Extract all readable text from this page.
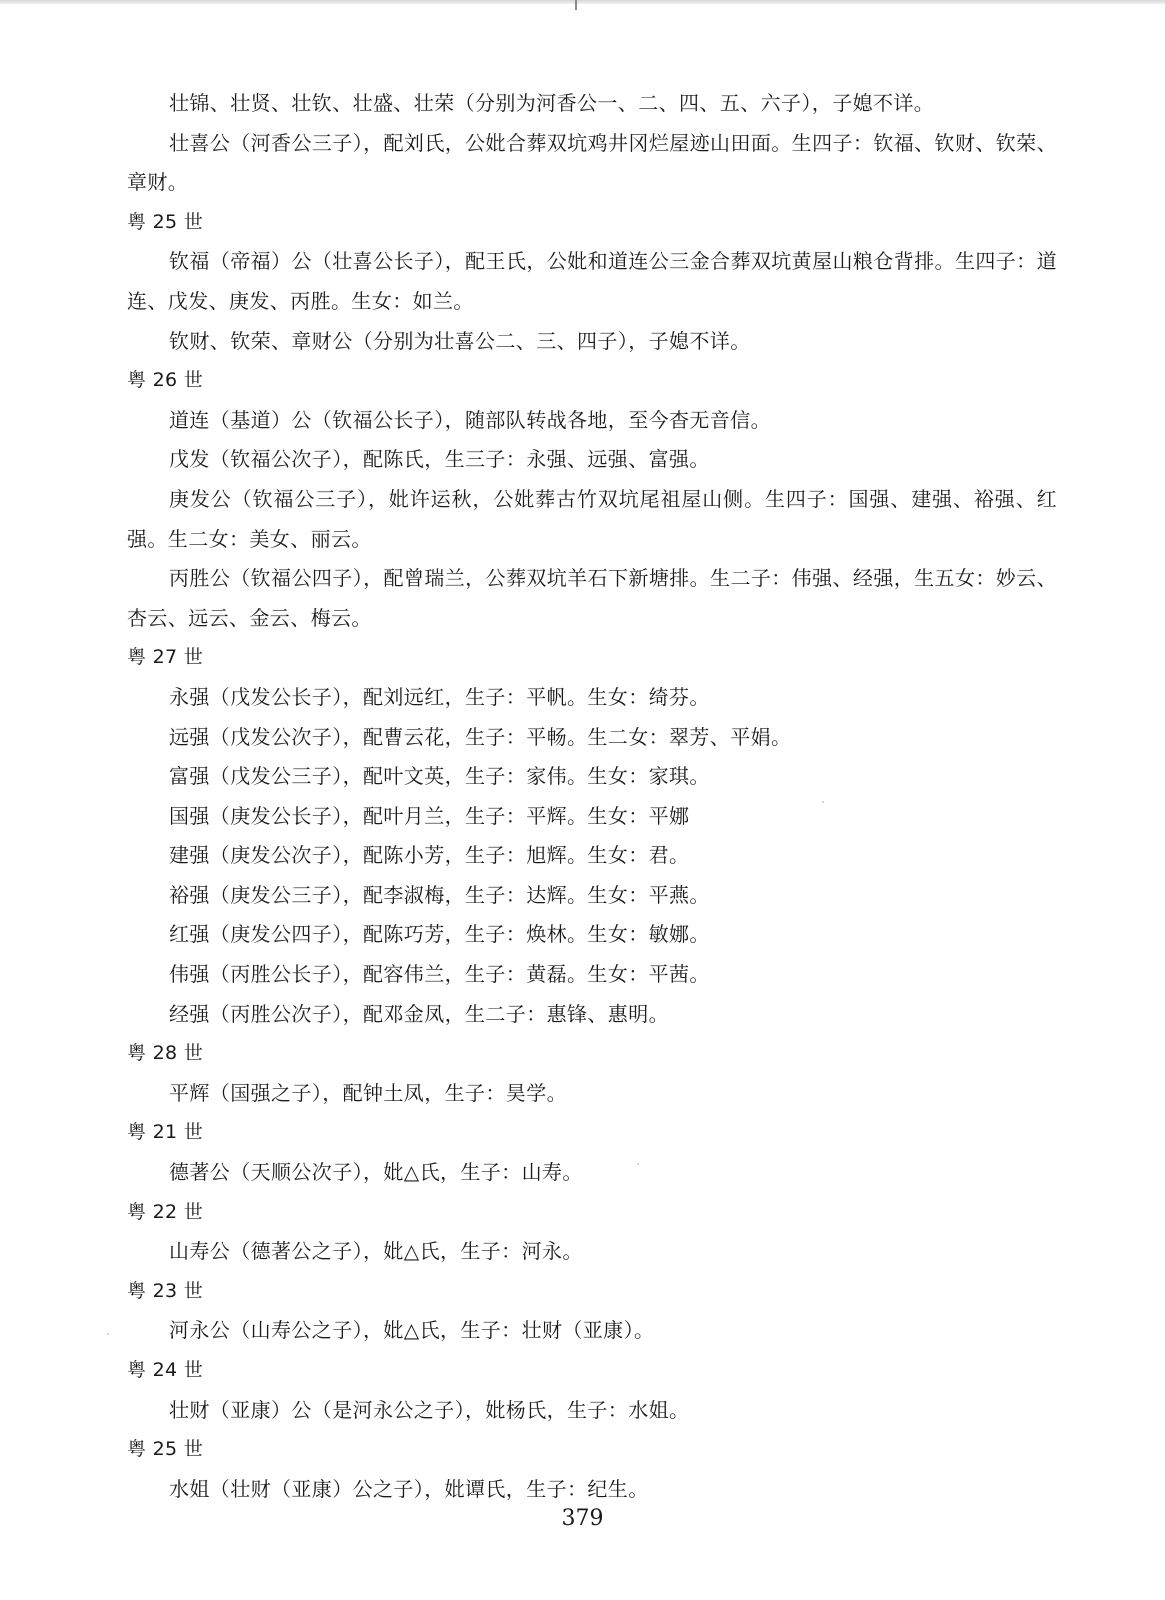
壮锦、壮贤、壮钦、壮盛、壮荣（分别为河香公一、二、四、五、六子），子媳不详。
壮喜公（河香公三子），配刘氏，公妣合葬双坑鸡井冈烂屋迹山田面。生四子：钦福、钦财、钦荣、章财。
粤 25 世
钦福（帝福）公（壮喜公长子），配王氏，公妣和道连公三金合葬双坑黄屋山粮仓背排。生四子：道连、戊发、庚发、丙胜。生女：如兰。
钦财、钦荣、章财公（分别为壮喜公二、三、四子），子媳不详。
粤 26 世
道连（基道）公（钦福公长子），随部队转战各地，至今杳无音信。
戊发（钦福公次子），配陈氏，生三子：永强、远强、富强。
庚发公（钦福公三子），妣许运秋，公妣葬古竹双坑尾祖屋山侧。生四子：国强、建强、裕强、红强。生二女：美女、丽云。
丙胜公（钦福公四子），配曾瑞兰，公葬双坑羊石下新塘排。生二子：伟强、经强，生五女：妙云、杏云、远云、金云、梅云。
粤 27 世
永强（戊发公长子），配刘远红，生子：平帆。生女：绮芬。
远强（戊发公次子），配曹云花，生子：平畅。生二女：翠芳、平娟。
富强（戊发公三子），配叶文英，生子：家伟。生女：家琪。
国强（庚发公长子），配叶月兰，生子：平辉。生女：平娜
建强（庚发公次子），配陈小芳，生子：旭辉。生女：君。
裕强（庚发公三子），配李淑梅，生子：达辉。生女：平燕。
红强（庚发公四子），配陈巧芳，生子：焕林。生女：敏娜。
伟强（丙胜公长子），配容伟兰，生子：黄磊。生女：平茜。
经强（丙胜公次子），配邓金凤，生二子：惠锋、惠明。
粤 28 世
平辉（国强之子），配钟土凤，生子：昊学。
粤 21 世
德著公（天顺公次子），妣△氏，生子：山寿。
粤 22 世
山寿公（德著公之子），妣△氏，生子：河永。
粤 23 世
河永公（山寿公之子），妣△氏，生子：壮财（亚康）。
粤 24 世
壮财（亚康）公（是河永公之子），妣杨氏，生子：水姐。
粤 25 世
水姐（壮财（亚康）公之子），妣谭氏，生子：纪生。
379
